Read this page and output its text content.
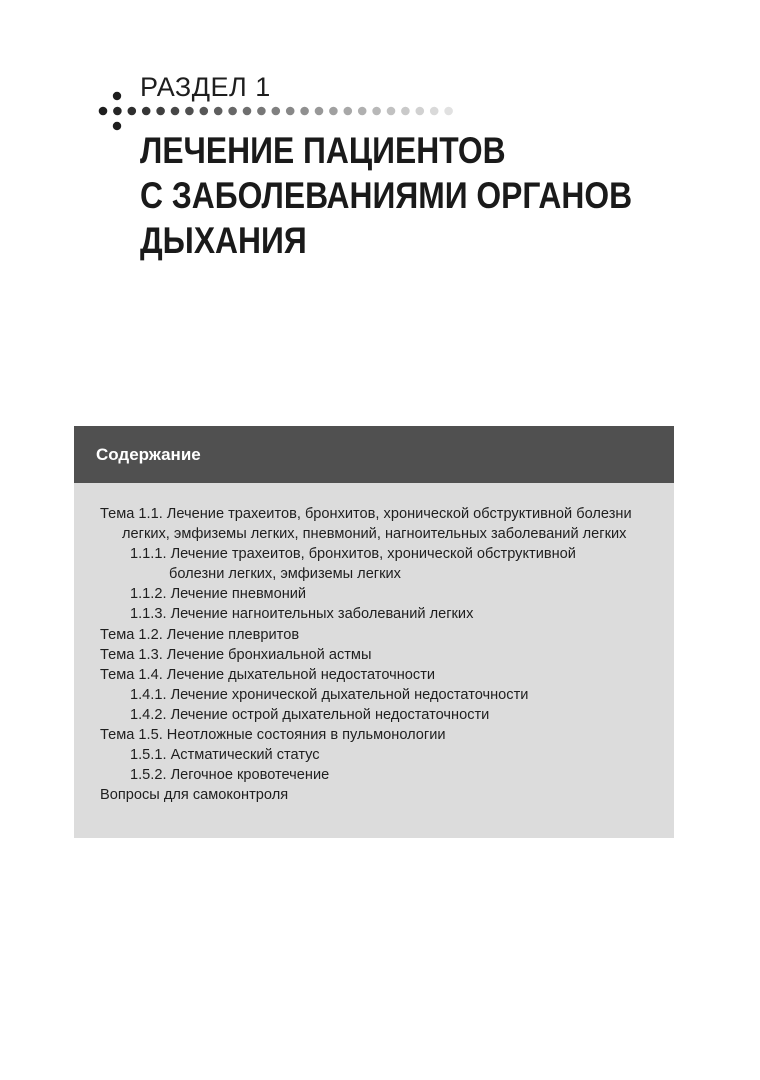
РАЗДЕЛ 1
ЛЕЧЕНИЕ ПАЦИЕНТОВ
С ЗАБОЛЕВАНИЯМИ ОРГАНОВ
ДЫХАНИЯ
Содержание
Тема 1.1. Лечение трахеитов, бронхитов, хронической обструктивной болезни легких, эмфиземы легких, пневмоний, нагноительных заболеваний легких
1.1.1. Лечение трахеитов, бронхитов, хронической обструктивной болезни легких, эмфиземы легких
1.1.2. Лечение пневмоний
1.1.3. Лечение нагноительных заболеваний легких
Тема 1.2. Лечение плевритов
Тема 1.3. Лечение бронхиальной астмы
Тема 1.4. Лечение дыхательной недостаточности
1.4.1. Лечение хронической дыхательной недостаточности
1.4.2. Лечение острой дыхательной недостаточности
Тема 1.5. Неотложные состояния в пульмонологии
1.5.1. Астматический статус
1.5.2. Легочное кровотечение
Вопросы для самоконтроля
